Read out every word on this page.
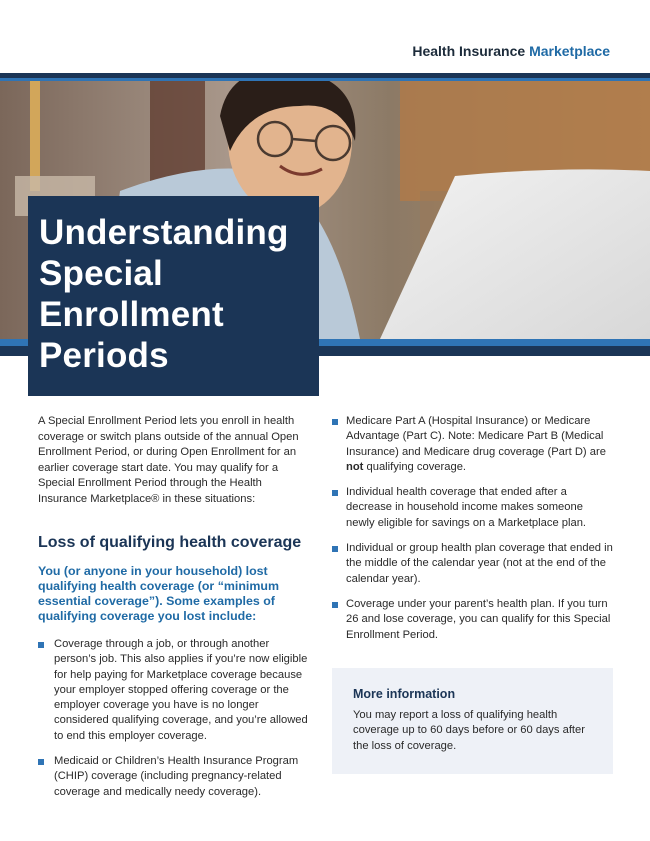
Health Insurance Marketplace
Understanding
Special
Enrollment
Periods

A Special Enrollment Period lets you enroll in health coverage or switch plans outside of the annual Open Enrollment Period, or during Open Enrollment for an earlier coverage start date. You may qualify for a Special Enrollment Period through the Health Insurance Marketplace® in these situations:

Loss of qualifying health coverage

You (or anyone in your household) lost qualifying health coverage (or “minimum essential coverage”). Some examples of qualifying coverage you lost include:

Coverage through a job, or through another person’s job. This also applies if you’re now eligible for help paying for Marketplace coverage because your employer stopped offering coverage or the employer coverage you have is no longer considered qualifying coverage, and you’re allowed to end this employer coverage.
Medicaid or Children’s Health Insurance Program (CHIP) coverage (including pregnancy-related coverage and medically needy coverage).
Medicare Part A (Hospital Insurance) or Medicare Advantage (Part C). Note: Medicare Part B (Medical Insurance) and Medicare drug coverage (Part D) are not qualifying coverage.
Individual health coverage that ended after a decrease in household income makes someone newly eligible for savings on a Marketplace plan.
Individual or group health plan coverage that ended in the middle of the calendar year (not at the end of the calendar year).
Coverage under your parent’s health plan. If you turn 26 and lose coverage, you can qualify for this Special Enrollment Period.
More information

You may report a loss of qualifying health coverage up to 60 days before or 60 days after the loss of coverage.
